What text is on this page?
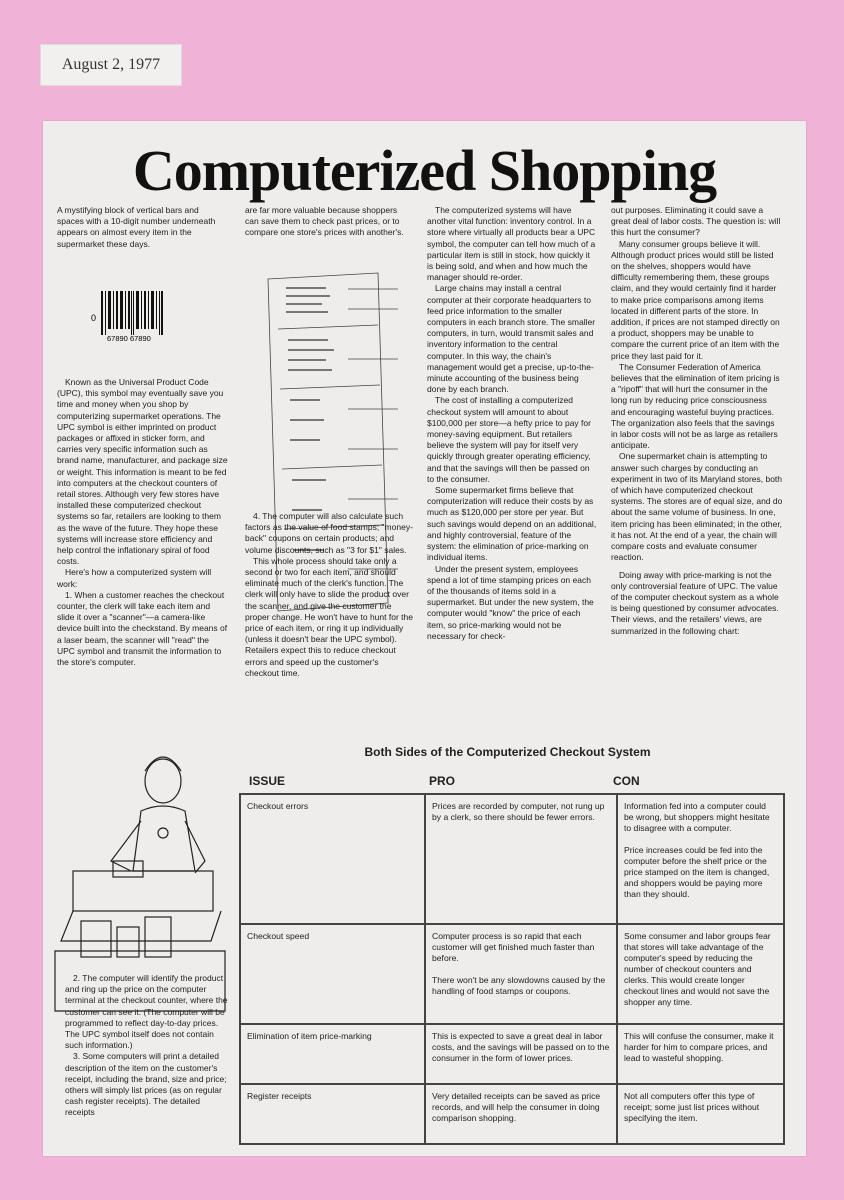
August 2, 1977
Computerized Shopping

A mystifying block of vertical bars and spaces with a 10-digit number underneath appears on almost every item in the supermarket these days.

0
67890 67890

Known as the Universal Product Code (UPC), this symbol may eventually save you time and money when you shop by computerizing supermarket operations. The UPC symbol is either imprinted on product packages or affixed in sticker form, and carries very specific information such as brand name, manufacturer, and package size or weight. This information is meant to be fed into computers at the checkout counters of retail stores. Although very few stores have installed these computerized checkout systems so far, retailers are looking to them as the wave of the future. They hope these systems will increase store efficiency and help control the inflationary spiral of food costs.

Here's how a computerized system will work:

1. When a customer reaches the checkout counter, the clerk will take each item and slide it over a "scanner"—a camera-like device built into the checkstand. By means of a laser beam, the scanner will "read" the UPC symbol and transmit the information to the store's computer.

2. The computer will identify the product and ring up the price on the computer terminal at the checkout counter, where the customer can see it. (The computer will be programmed to reflect day-to-day prices. The UPC symbol itself does not contain such information.)

3. Some computers will print a detailed description of the item on the customer's receipt, including the brand, size and price; others will simply list prices (as on regular cash register receipts). The detailed receipts

are far more valuable because shoppers can save them to check past prices, or to compare one store's prices with another's.

4. The computer will also calculate such factors as the value of food stamps; "money-back" coupons on certain products; and volume discounts, such as "3 for $1" sales.

This whole process should take only a second or two for each item, and should eliminate much of the clerk's function. The clerk will only have to slide the product over the scanner, and give the customer the proper change. He won't have to hunt for the price of each item, or ring it up individually (unless it doesn't bear the UPC symbol). Retailers expect this to reduce checkout errors and speed up the customer's checkout time.

The computerized systems will have another vital function: inventory control. In a store where virtually all products bear a UPC symbol, the computer can tell how much of a particular item is still in stock, how quickly it is being sold, and when and how much the manager should re-order.

Large chains may install a central computer at their corporate headquarters to feed price information to the smaller computers in each branch store. The smaller computers, in turn, would transmit sales and inventory information to the central computer. In this way, the chain's management would get a precise, up-to-the-minute accounting of the business being done by each branch.

The cost of installing a computerized checkout system will amount to about $100,000 per store—a hefty price to pay for money-saving equipment. But retailers believe the system will pay for itself very quickly through greater operating efficiency, and that the savings will then be passed on to the consumer.

Some supermarket firms believe that computerization will reduce their costs by as much as $120,000 per store per year. But such savings would depend on an additional, and highly controversial, feature of the system: the elimination of price-marking on individual items.

Under the present system, employees spend a lot of time stamping prices on each of the thousands of items sold in a supermarket. But under the new system, the computer would "know" the price of each item, so price-marking would not be necessary for check-

out purposes. Eliminating it could save a great deal of labor costs. The question is: will this hurt the consumer?

Many consumer groups believe it will. Although product prices would still be listed on the shelves, shoppers would have difficulty remembering them, these groups claim, and they would certainly find it harder to make price comparisons among items located in different parts of the store. In addition, if prices are not stamped directly on a product, shoppers may be unable to compare the current price of an item with the price they last paid for it.

The Consumer Federation of America believes that the elimination of item pricing is a "ripoff" that will hurt the consumer in the long run by reducing price consciousness and encouraging wasteful buying practices. The organization also feels that the savings in labor costs will not be as large as retailers anticipate.

One supermarket chain is attempting to answer such charges by conducting an experiment in two of its Maryland stores, both of which have computerized checkout systems. The stores are of equal size, and do about the same volume of business. In one, item pricing has been eliminated; in the other, it has not. At the end of a year, the chain will compare costs and evaluate consumer reaction.

Doing away with price-marking is not the only controversial feature of UPC. The value of the computer checkout system as a whole is being questioned by consumer advocates. Their views, and the retailers' views, are summarized in the following chart:

Both Sides of the Computerized Checkout System
ISSUE	PRO	CON
Checkout errors	Prices are recorded by computer, not rung up by a clerk, so there should be fewer errors.	Information fed into a computer could be wrong, but shoppers might hesitate to disagree with a computer.
Price increases could be fed into the computer before the shelf price or the price stamped on the item is changed, and shoppers would be paying more than they should.

Checkout speed	Computer process is so rapid that each customer will get finished much faster than before.
There won't be any slowdowns caused by the handling of food stamps or coupons.	Some consumer and labor groups fear that stores will take advantage of the computer's speed by reducing the number of checkout counters and clerks. This would create longer checkout lines and would not save the shopper any time.
Elimination of item price-marking	This is expected to save a great deal in labor costs, and the savings will be passed on to the consumer in the form of lower prices.	This will confuse the consumer, make it harder for him to compare prices, and lead to wasteful shopping.
Register receipts	Very detailed receipts can be saved as price records, and will help the consumer in doing comparison shopping.	Not all computers offer this type of receipt; some just list prices without specifying the item.
